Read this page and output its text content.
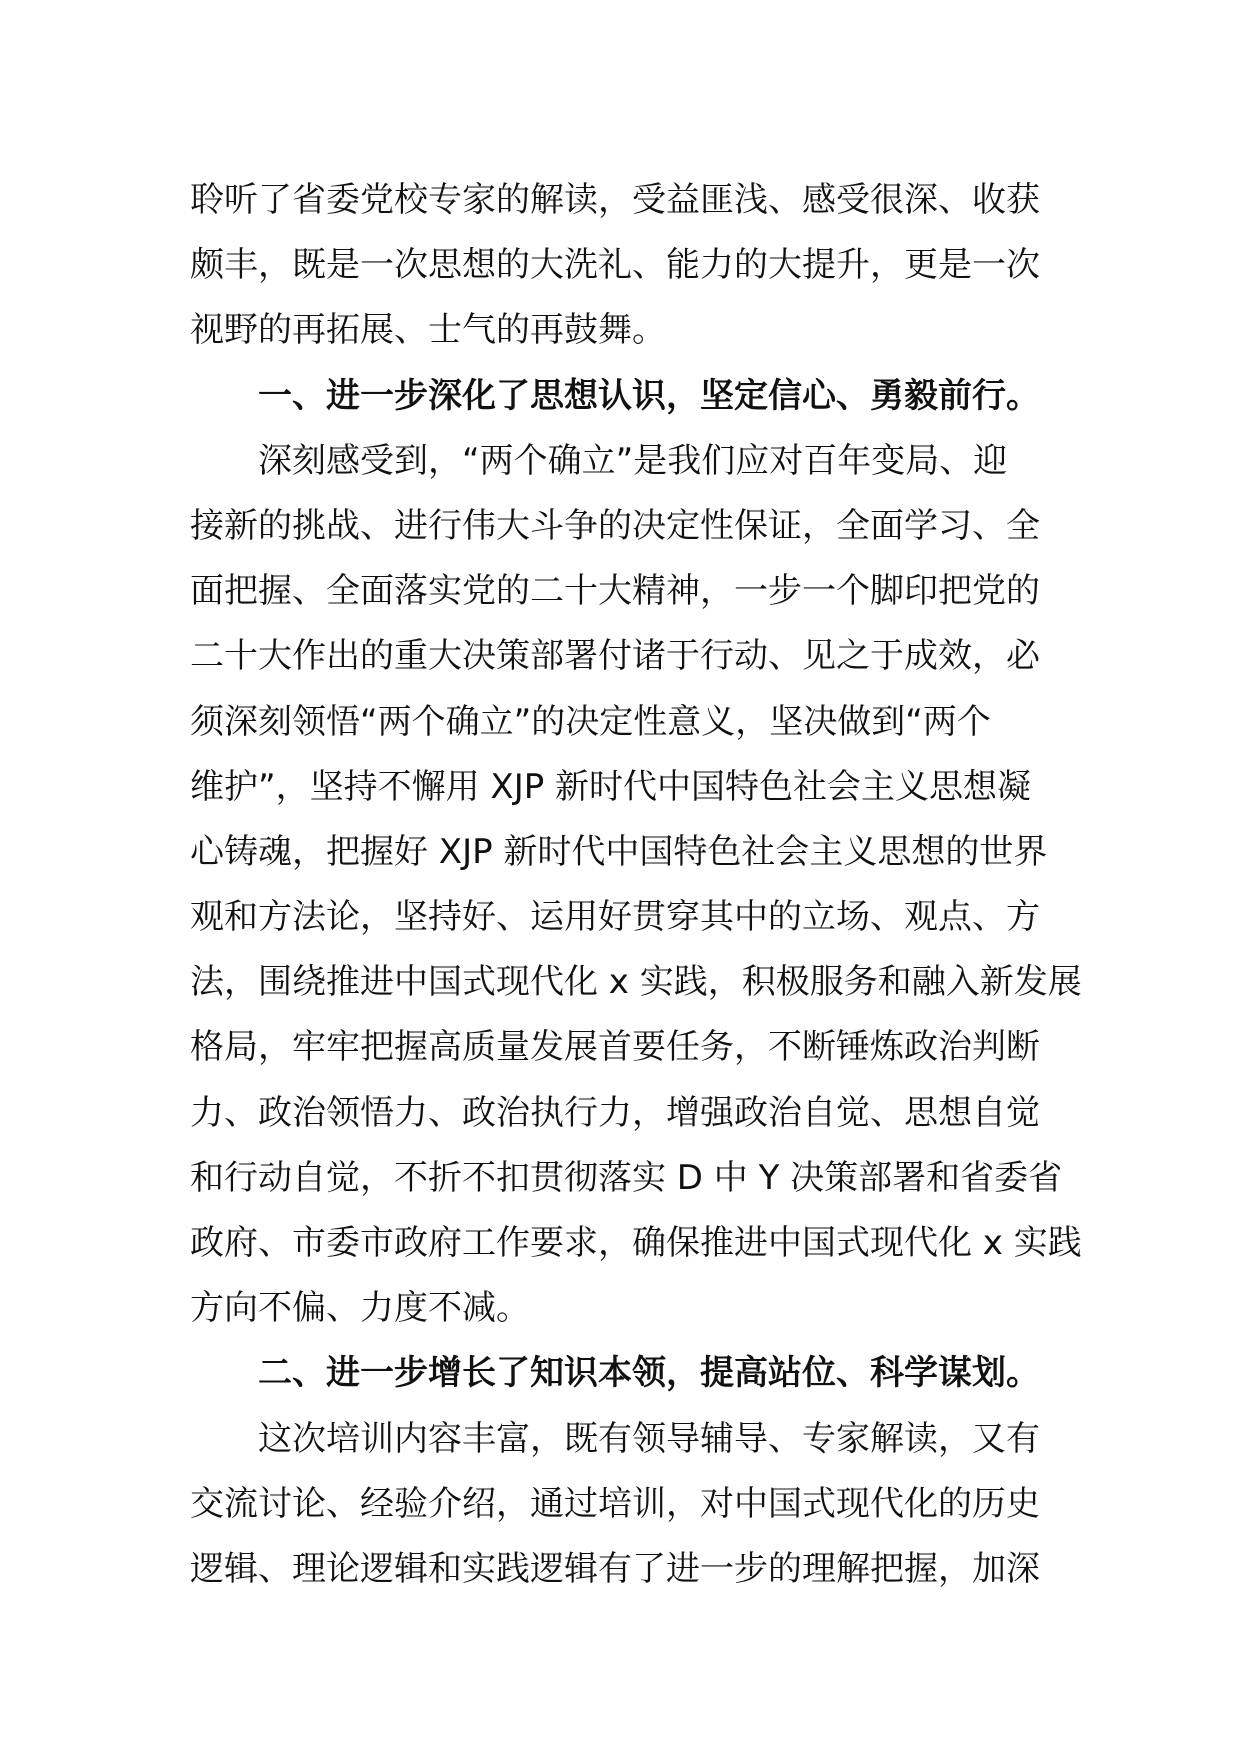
聆听了省委党校专家的解读，受益匪浅、感受很深、收获
颇丰，既是一次思想的大洗礼、能力的大提升，更是一次
视野的再拓展、士气的再鼓舞。
一、进一步深化了思想认识，坚定信心、勇毅前行。
深刻感受到，“两个确立”是我们应对百年变局、迎
接新的挑战、进行伟大斗争的决定性保证，全面学习、全
面把握、全面落实党的二十大精神，一步一个脚印把党的
二十大作出的重大决策部署付诸于行动、见之于成效，必
须深刻领悟“两个确立”的决定性意义，坚决做到“两个
维护”，坚持不懈用 XJP 新时代中国特色社会主义思想凝
心铸魂，把握好 XJP 新时代中国特色社会主义思想的世界
观和方法论，坚持好、运用好贯穿其中的立场、观点、方
法，围绕推进中国式现代化 x 实践，积极服务和融入新发展
格局，牢牢把握高质量发展首要任务，不断锤炼政治判断
力、政治领悟力、政治执行力，增强政治自觉、思想自觉
和行动自觉，不折不扣贯彻落实 D 中 Y 决策部署和省委省
政府、市委市政府工作要求，确保推进中国式现代化 x 实践
方向不偏、力度不减。
二、进一步增长了知识本领，提高站位、科学谋划。
这次培训内容丰富，既有领导辅导、专家解读，又有
交流讨论、经验介绍，通过培训，对中国式现代化的历史
逻辑、理论逻辑和实践逻辑有了进一步的理解把握，加深
